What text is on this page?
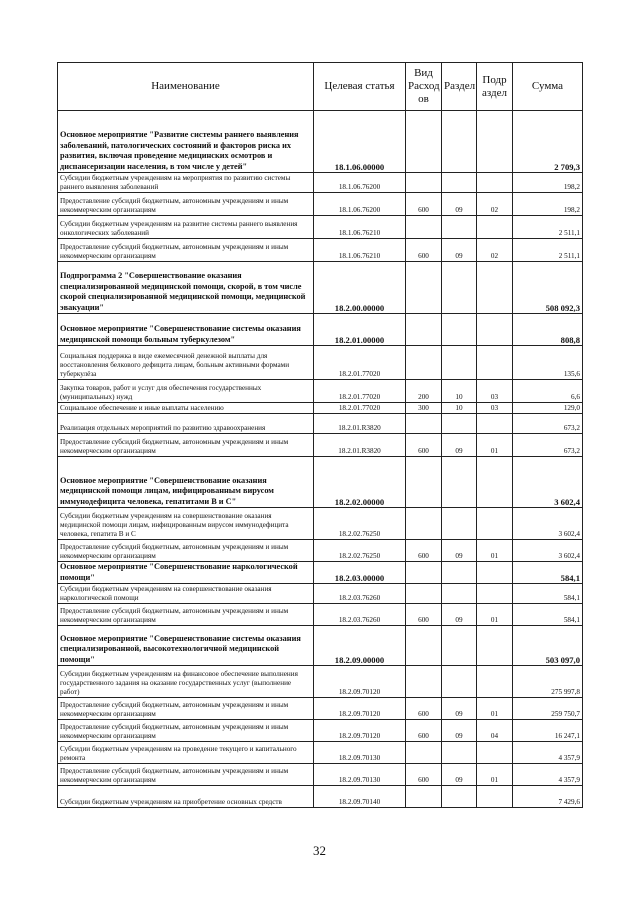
Наименование	Целевая статья	Вид Расход ов	Раздел	Подр аздел	Сумма
Основное мероприятие "Развитие системы раннего выявления заболеваний, патологических состояний и факторов риска их развития, включая проведение медицинских осмотров и диспансеризации населения, в том числе у детей"	18.1.06.00000				2 709,3
Субсидии бюджетным учреждениям на мероприятия по развитию системы раннего выявления заболеваний	18.1.06.76200				198,2
Предоставление субсидий бюджетным, автономным учреждениям и иным некоммерческим организациям	18.1.06.76200	600	09	02	198,2
Субсидии бюджетным учреждениям на развитие системы раннего выявления онкологических заболеваний	18.1.06.76210				2 511,1
Предоставление субсидий бюджетным, автономным учреждениям и иным некоммерческим организациям	18.1.06.76210	600	09	02	2 511,1
Подпрограмма 2 "Совершенствование оказания специализированной медицинской помощи, скорой, в том числе скорой специализированной медицинской помощи, медицинской эвакуации"	18.2.00.00000				508 092,3
Основное мероприятие "Совершенствование системы оказания медицинской помощи больным туберкулезом"	18.2.01.00000				808,8
Социальная поддержка в виде ежемесячной денежной выплаты для восстановления белкового дефицита лицам, больным активными формами туберкулёза	18.2.01.77020				135,6
Закупка товаров, работ и услуг для обеспечения государственных (муниципальных) нужд	18.2.01.77020	200	10	03	6,6
Социальное обеспечение и иные выплаты населению	18.2.01.77020	300	10	03	129,0
Реализация отдельных мероприятий по развитию здравоохранения	18.2.01.R3820				673,2
Предоставление субсидий бюджетным, автономным учреждениям и иным некоммерческим организациям	18.2.01.R3820	600	09	01	673,2
Основное мероприятие "Совершенствование оказания медицинской помощи лицам, инфицированным вирусом иммунодефицита человека, гепатитами В и С"	18.2.02.00000				3 602,4
Субсидии бюджетным учреждениям на совершенствование оказания медицинской помощи лицам, инфицированным вирусом иммунодефицита человека, гепатита В и С	18.2.02.76250				3 602,4
Предоставление субсидий бюджетным, автономным учреждениям и иным некоммерческим организациям	18.2.02.76250	600	09	01	3 602,4
Основное мероприятие "Совершенствование наркологической помощи"	18.2.03.00000				584,1
Субсидии бюджетным учреждениям на совершенствование оказания наркологической помощи	18.2.03.76260				584,1
Предоставление субсидий бюджетным, автономным учреждениям и иным некоммерческим организациям	18.2.03.76260	600	09	01	584,1
Основное мероприятие "Совершенствование системы оказания специализированной, высокотехнологичной медицинской помощи"	18.2.09.00000				503 097,0
Субсидии бюджетным учреждениям на финансовое обеспечение выполнения государственного задания на оказание государственных услуг (выполнение работ)	18.2.09.70120				275 997,8
Предоставление субсидий бюджетным, автономным учреждениям и иным некоммерческим организациям	18.2.09.70120	600	09	01	259 750,7
Предоставление субсидий бюджетным, автономным учреждениям и иным некоммерческим организациям	18.2.09.70120	600	09	04	16 247,1
Субсидии бюджетным учреждениям на проведение текущего и капитального ремонта	18.2.09.70130				4 357,9
Предоставление субсидий бюджетным, автономным учреждениям и иным некоммерческим организациям	18.2.09.70130	600	09	01	4 357,9
Субсидии бюджетным учреждениям на приобретение основных средств	18.2.09.70140				7 429,6
32
